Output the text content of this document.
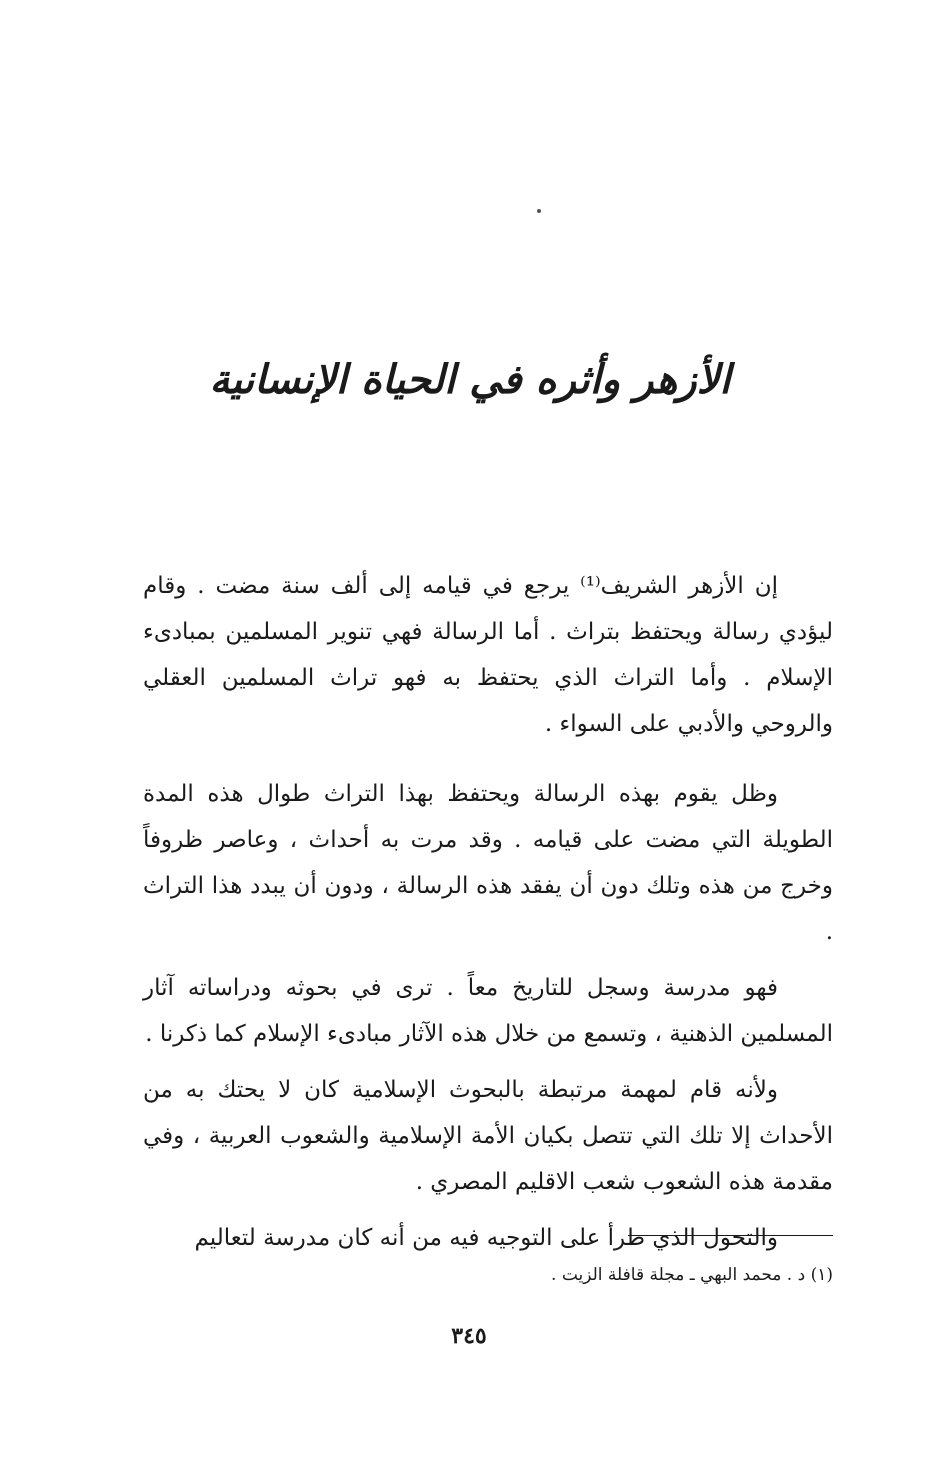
الأزهر وأثره في الحياة الإنسانية

إن الأزهر الشريف⁽¹⁾ يرجع في قيامه إلى ألف سنة مضت . وقام ليؤدي رسالة ويحتفظ بتراث . أما الرسالة فهي تنوير المسلمين بمبادىء الإسلام . وأما التراث الذي يحتفظ به فهو تراث المسلمين العقلي والروحي والأدبي على السواء .

وظل يقوم بهذه الرسالة ويحتفظ بهذا التراث طوال هذه المدة الطويلة التي مضت على قيامه . وقد مرت به أحداث ، وعاصر ظروفاً وخرج من هذه وتلك دون أن يفقد هذه الرسالة ، ودون أن يبدد هذا التراث .

فهو مدرسة وسجل للتاريخ معاً . ترى في بحوثه ودراساته آثار المسلمين الذهنية ، وتسمع من خلال هذه الآثار مبادىء الإسلام كما ذكرنا .

ولأنه قام لمهمة مرتبطة بالبحوث الإسلامية كان لا يحتك به من الأحداث إلا تلك التي تتصل بكيان الأمة الإسلامية والشعوب العربية ، وفي مقدمة هذه الشعوب شعب الاقليم المصري .

والتحول الذي طرأ على التوجيه فيه من أنه كان مدرسة لتعاليم

(١) د . محمد البهي ـ مجلة قافلة الزيت .
٣٤٥
